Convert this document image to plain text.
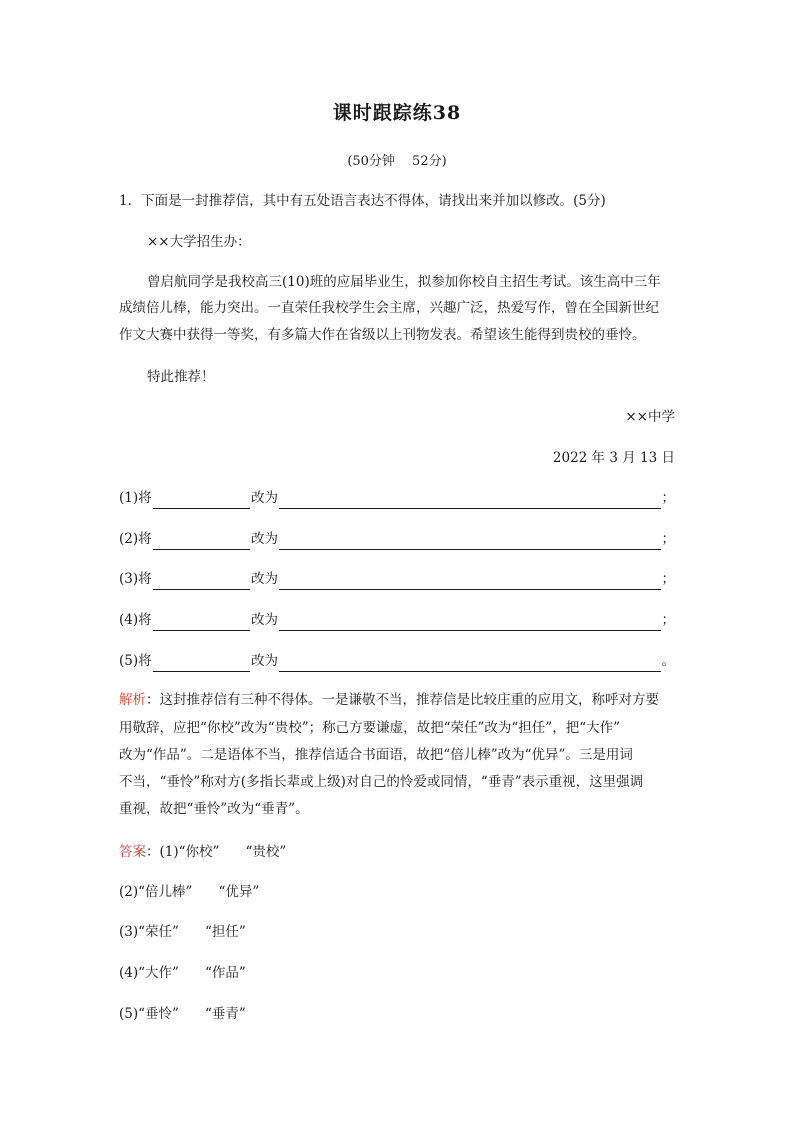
课时跟踪练38
(50分钟　 52分)
1．下面是一封推荐信，其中有五处语言表达不得体，请找出来并加以修改。(5分)
××大学招生办：
曾启航同学是我校高三(10)班的应届毕业生，拟参加你校自主招生考试。该生高中三年
成绩倍儿棒，能力突出。一直荣任我校学生会主席，兴趣广泛，热爱写作，曾在全国新世纪
作文大赛中获得一等奖，有多篇大作在省级以上刊物发表。希望该生能得到贵校的垂怜。
特此推荐！
××中学
2022 年 3 月 13 日
(1)将	改为	；
(2)将	改为	；
(3)将	改为	；
(4)将	改为	；
(5)将	改为	。
解析：这封推荐信有三种不得体。一是谦敬不当，推荐信是比较庄重的应用文，称呼对方要
用敬辞，应把“你校”改为“贵校”；称己方要谦虚，故把“荣任”改为“担任”，把“大作”
改为“作品”。二是语体不当，推荐信适合书面语，故把“倍儿棒”改为“优异”。三是用词
不当，“垂怜”称对方(多指长辈或上级)对自己的怜爱或同情，“垂青”表示重视，这里强调
重视，故把“垂怜”改为“垂青”。
答案：(1)“你校” “贵校”
(2)“倍儿棒” “优异”
(3)“荣任” “担任”
(4)“大作” “作品”
(5)“垂怜” “垂青”
